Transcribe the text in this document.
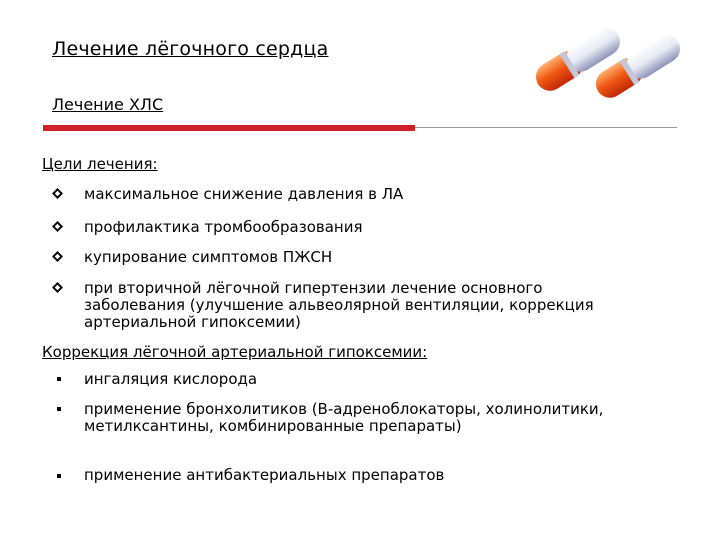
Лечение лёгочного сердца
Лечение ХЛС
Цели лечения:
максимальное снижение давления в ЛА
профилактика тромбообразования
купирование симптомов ПЖСН
при вторичной лёгочной гипертензии лечение основного заболевания (улучшение альвеолярной вентиляции, коррекция артериальной гипоксемии)
Коррекция лёгочной артериальной гипоксемии:
ингаляция кислорода
применение бронхолитиков (В-адреноблокаторы, холинолитики, метилксантины, комбинированные препараты)
применение антибактериальных препаратов
